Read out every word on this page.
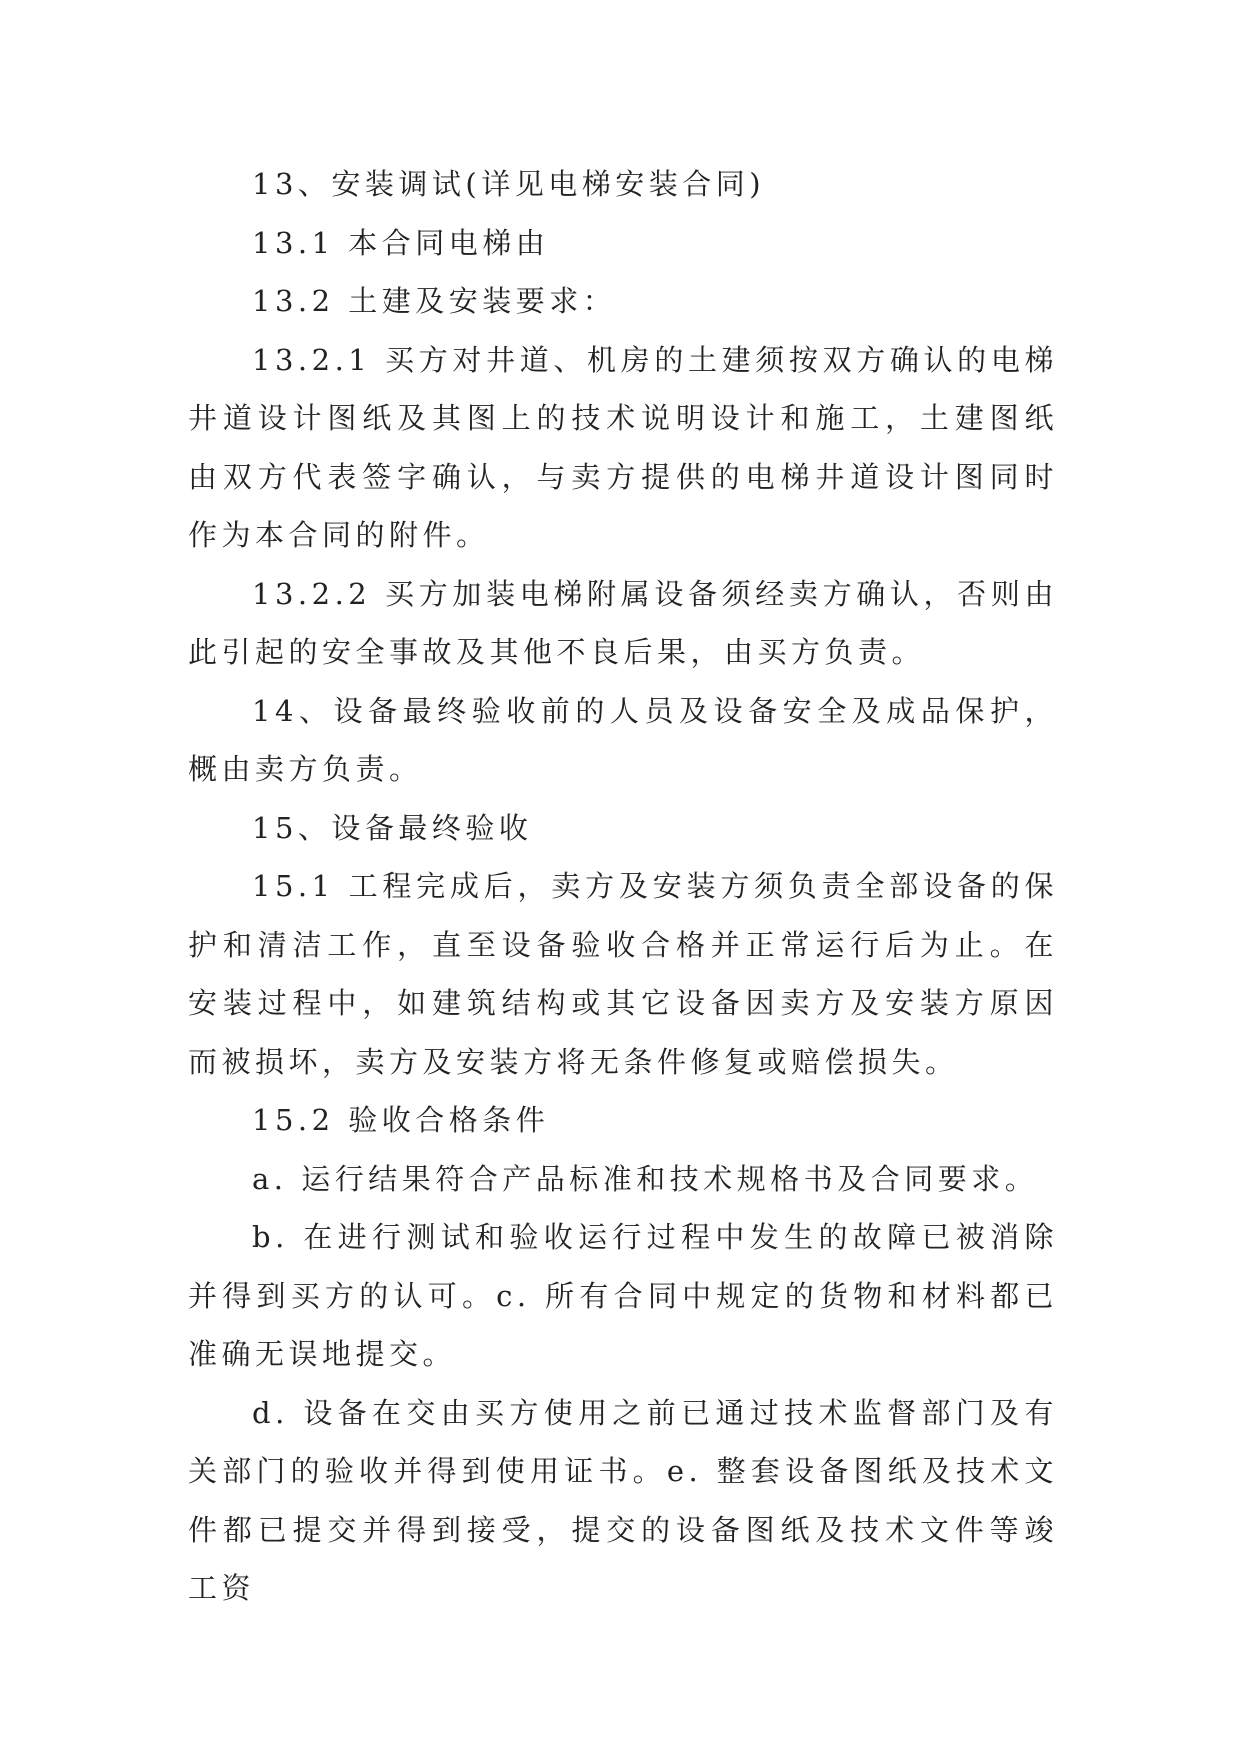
13、安装调试(详见电梯安装合同)

13.1 本合同电梯由

13.2 土建及安装要求：

13.2.1 买方对井道、机房的土建须按双方确认的电梯井道设计图纸及其图上的技术说明设计和施工，土建图纸由双方代表签字确认，与卖方提供的电梯井道设计图同时作为本合同的附件。

13.2.2 买方加装电梯附属设备须经卖方确认，否则由此引起的安全事故及其他不良后果，由买方负责。

14、设备最终验收前的人员及设备安全及成品保护，概由卖方负责。

15、设备最终验收

15.1 工程完成后，卖方及安装方须负责全部设备的保护和清洁工作，直至设备验收合格并正常运行后为止。在安装过程中，如建筑结构或其它设备因卖方及安装方原因而被损坏，卖方及安装方将无条件修复或赔偿损失。

15.2 验收合格条件

a. 运行结果符合产品标准和技术规格书及合同要求。

b. 在进行测试和验收运行过程中发生的故障已被消除并得到买方的认可。c. 所有合同中规定的货物和材料都已准确无误地提交。

d. 设备在交由买方使用之前已通过技术监督部门及有关部门的验收并得到使用证书。e. 整套设备图纸及技术文件都已提交并得到接受，提交的设备图纸及技术文件等竣工资
